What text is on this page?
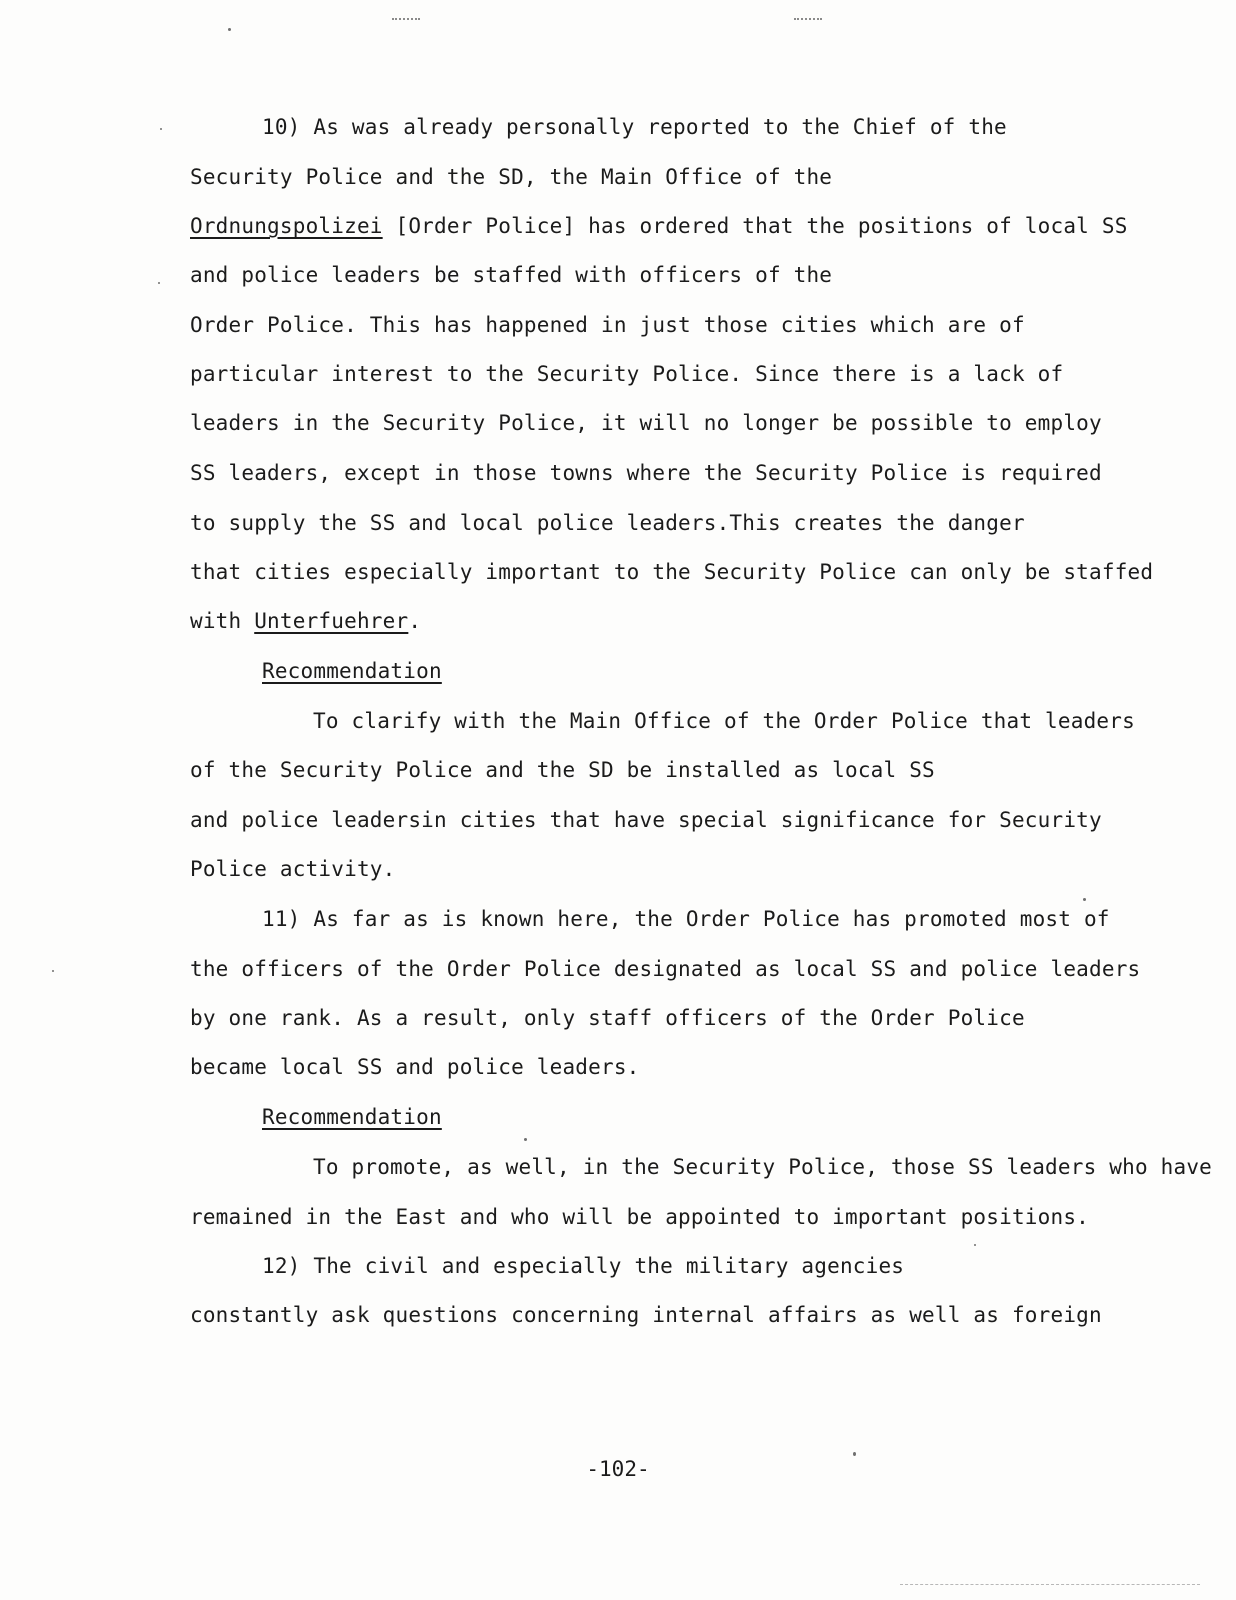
10) As was already personally reported to the Chief of the
Security Police and the SD, the Main Office of the
Ordnungspolizei [Order Police] has ordered that the positions of local SS
and police leaders be staffed with officers of the
Order Police. This has happened in just those cities which are of
particular interest to the Security Police. Since there is a lack of
leaders in the Security Police, it will no longer be possible to employ
SS leaders, except in those towns where the Security Police is required
to supply the SS and local police leaders.This creates the danger
that cities especially important to the Security Police can only be staffed
with Unterfuehrer.
Recommendation
To clarify with the Main Office of the Order Police that leaders
of the Security Police and the SD be installed as local SS
and police leadersin cities that have special significance for Security
Police activity.
11) As far as is known here, the Order Police has promoted most of
the officers of the Order Police designated as local SS and police leaders
by one rank. As a result, only staff officers of the Order Police
became local SS and police leaders.
Recommendation
To promote, as well, in the Security Police, those SS leaders who have
remained in the East and who will be appointed to important positions.
12) The civil and especially the military agencies
constantly ask questions concerning internal affairs as well as foreign
-102-
